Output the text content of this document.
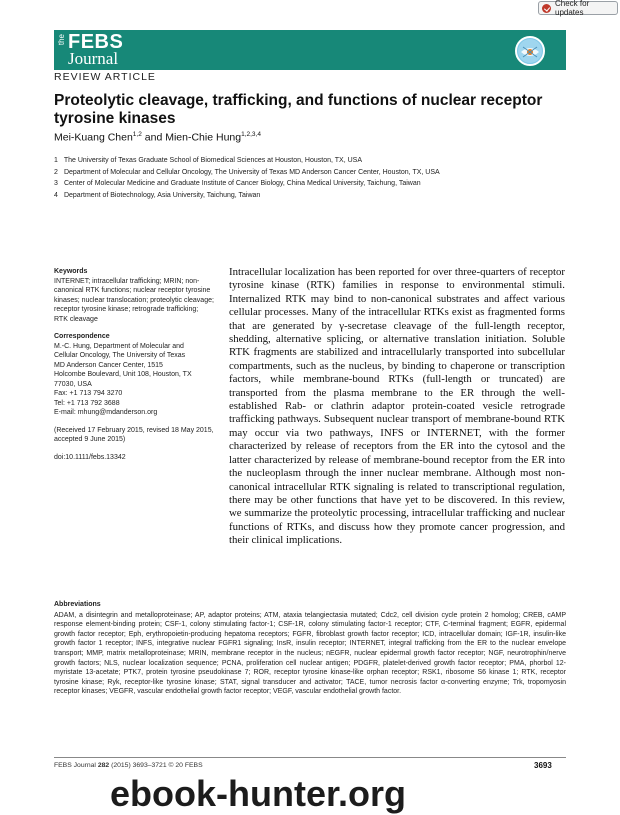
Check for updates
the FEBS
Journal
REVIEW ARTICLE
Proteolytic cleavage, trafficking, and functions of nuclear receptor tyrosine kinases
Mei-Kuang Chen$^{1,2}$ and Mien-Chie Hung$^{1,2,3,4}$
1 The University of Texas Graduate School of Biomedical Sciences at Houston, Houston, TX, USA
2 Department of Molecular and Cellular Oncology, The University of Texas MD Anderson Cancer Center, Houston, TX, USA
3 Center of Molecular Medicine and Graduate Institute of Cancer Biology, China Medical University, Taichung, Taiwan
4 Department of Biotechnology, Asia University, Taichung, Taiwan
Keywords
INTERNET; intracellular trafficking; MRIN; non-canonical RTK functions; nuclear receptor tyrosine kinases; nuclear translocation; proteolytic cleavage; receptor tyrosine kinase; retrograde trafficking; RTK cleavage
Correspondence
M.-C. Hung, Department of Molecular and
Cellular Oncology, The University of Texas
MD Anderson Cancer Center, 1515
Holcombe Boulevard, Unit 108, Houston, TX
77030, USA
Fax: +1 713 794 3270
Tel: +1 713 792 3688
E-mail: mhung@mdanderson.org
(Received 17 February 2015, revised 18 May 2015, accepted 9 June 2015)
doi:10.1111/febs.13342

Intracellular localization has been reported for over three-quarters of receptor tyrosine kinase (RTK) families in response to environmental stimuli. Internalized RTK may bind to non-canonical substrates and affect various cellular processes. Many of the intracellular RTKs exist as fragmented forms that are generated by γ-secretase cleavage of the full-length receptor, shedding, alternative splicing, or alternative translation initiation. Soluble RTK fragments are stabilized and intracellularly transported into subcellular compartments, such as the nucleus, by binding to chaperone or transcription factors, while membrane-bound RTKs (full-length or truncated) are transported from the plasma membrane to the ER through the well-established Rab- or clathrin adaptor protein-coated vesicle retrograde trafficking pathways. Subsequent nuclear transport of membrane-bound RTK may occur via two pathways, INFS or INTERNET, with the former characterized by release of receptors from the ER into the cytosol and the latter characterized by release of membrane-bound receptor from the ER into the nucleoplasm through the inner nuclear membrane. Although most non-canonical intracellular RTK signaling is related to transcriptional regulation, there may be other functions that have yet to be discovered. In this review, we summarize the proteolytic processing, intracellular trafficking and nuclear functions of RTKs, and discuss how they promote cancer progression, and their clinical implications.

Abbreviations

ADAM, a disintegrin and metalloproteinase; AP, adaptor proteins; ATM, ataxia telangiectasia mutated; Cdc2, cell division cycle protein 2 homolog; CREB, cAMP response element-binding protein; CSF-1, colony stimulating factor-1; CSF-1R, colony stimulating factor-1 receptor; CTF, C-terminal fragment; EGFR, epidermal growth factor receptor; Eph, erythropoietin-producing hepatoma receptors; FGFR, fibroblast growth factor receptor; ICD, intracellular domain; IGF-1R, insulin-like growth factor 1 receptor; INFS, integrative nuclear FGFR1 signaling; InsR, insulin receptor; INTERNET, integral trafficking from the ER to the nuclear envelope transport; MMP, matrix metalloproteinase; MRIN, membrane receptor in the nucleus; nEGFR, nuclear epidermal growth factor receptor; NGF, neurotrophin/nerve growth factors; NLS, nuclear localization sequence; PCNA, proliferation cell nuclear antigen; PDGFR, platelet-derived growth factor receptor; PMA, phorbol 12-myristate 13-acetate; PTK7, protein tyrosine pseudokinase 7; ROR, receptor tyrosine kinase-like orphan receptor; RSK1, ribosome S6 kinase 1; RTK, receptor tyrosine kinase; Ryk, receptor-like tyrosine kinase; STAT, signal transducer and activator; TACE, tumor necrosis factor α-converting enzyme; Trk, tropomyosin receptor kinases; VEGFR, vascular endothelial growth factor receptor; VEGF, vascular endothelial growth factor.

FEBS Journal 282 (2015) 3693–3721 © 20 FEBS	3693
ebook-hunter.org
